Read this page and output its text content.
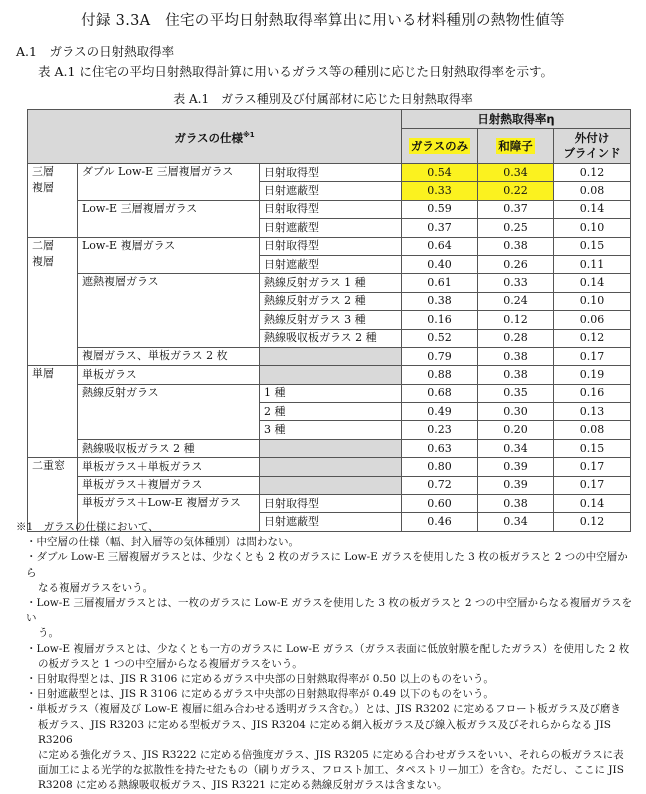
付録 3.3A　住宅の平均日射熱取得率算出に用いる材料種別の熱物性値等
A.1　ガラスの日射熱取得率
表 A.1 に住宅の平均日射熱取得計算に用いるガラス等の種別に応じた日射熱取得率を示す。
表 A.1　ガラス種別及び付属部材に応じた日射熱取得率
ガラスの仕様$^{※1}$			日射熱取得率η		
			ガラスのみ	和障子	外付け
ブラインド
三層
複層	ダブル Low-E 三層複層ガラス	日射取得型	0.54	0.34	0.12
		日射遮蔽型	0.33	0.22	0.08
	Low-E 三層複層ガラス	日射取得型	0.59	0.37	0.14
		日射遮蔽型	0.37	0.25	0.10
二層
複層	Low-E 複層ガラス	日射取得型	0.64	0.38	0.15
		日射遮蔽型	0.40	0.26	0.11
	遮熱複層ガラス	熱線反射ガラス 1 種	0.61	0.33	0.14
		熱線反射ガラス 2 種	0.38	0.24	0.10
		熱線反射ガラス 3 種	0.16	0.12	0.06
		熱線吸収板ガラス 2 種	0.52	0.28	0.12
	複層ガラス、単板ガラス 2 枚		0.79	0.38	0.17
単層	単板ガラス		0.88	0.38	0.19
	熱線反射ガラス	1 種	0.68	0.35	0.16
		2 種	0.49	0.30	0.13
		3 種	0.23	0.20	0.08
	熱線吸収板ガラス 2 種		0.63	0.34	0.15
二重窓	単板ガラス＋単板ガラス		0.80	0.39	0.17
	単板ガラス＋複層ガラス		0.72	0.39	0.17
	単板ガラス＋Low-E 複層ガラス	日射取得型	0.60	0.38	0.14
		日射遮蔽型	0.46	0.34	0.12

※1　ガラスの仕様において、

・中空層の仕様（幅、封入層等の気体種別）は問わない。

・ダブル Low-E 三層複層ガラスとは、少なくとも 2 枚のガラスに Low-E ガラスを使用した 3 枚の板ガラスと 2 つの中空層から

なる複層ガラスをいう。

・Low-E 三層複層ガラスとは、一枚のガラスに Low-E ガラスを使用した 3 枚の板ガラスと 2 つの中空層からなる複層ガラスをい

う。

・Low-E 複層ガラスとは、少なくとも一方のガラスに Low-E ガラス（ガラス表面に低放射膜を配したガラス）を使用した 2 枚

の板ガラスと 1 つの中空層からなる複層ガラスをいう。

・日射取得型とは、JIS R 3106 に定めるガラス中央部の日射熱取得率が 0.50 以上のものをいう。

・日射遮蔽型とは、JIS R 3106 に定めるガラス中央部の日射熱取得率が 0.49 以下のものをいう。

・単板ガラス（複層及び Low-E 複層に組み合わせる透明ガラス含む。）とは、JIS R3202 に定めるフロート板ガラス及び磨き

板ガラス、JIS R3203 に定める型板ガラス、JIS R3204 に定める網入板ガラス及び線入板ガラス及びそれらからなる JIS R3206

に定める強化ガラス、JIS R3222 に定める倍強度ガラス、JIS R3205 に定める合わせガラスをいい、それらの板ガラスに表

面加工による光学的な拡散性を持たせたもの（刷りガラス、フロスト加工、タペストリー加工）を含む。ただし、ここに JIS

R3208 に定める熱線吸収板ガラス、JIS R3221 に定める熱線反射ガラスは含まない。
